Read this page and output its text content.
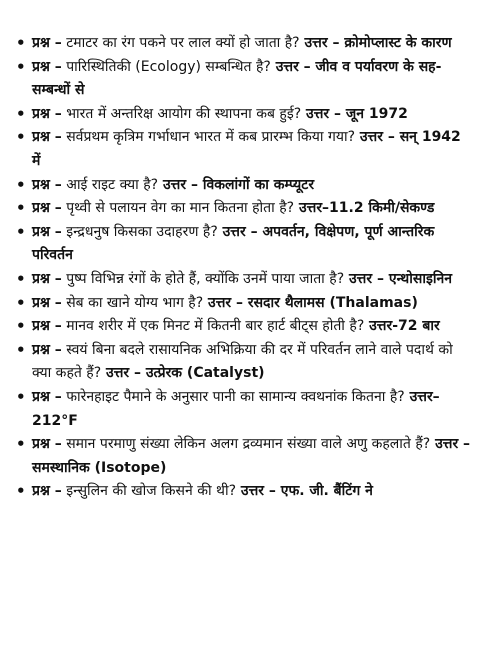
• प्रश्न – टमाटर का रंग पकने पर लाल क्यों हो जाता है? उत्तर – क्रोमोप्लास्ट के कारण
• प्रश्न – पारिस्थितिकी (Ecology) सम्बन्धित है? उत्तर – जीव व पर्यावरण के सह-सम्बन्धों से
• प्रश्न – भारत में अन्तरिक्ष आयोग की स्थापना कब हुई? उत्तर – जून 1972
• प्रश्न – सर्वप्रथम कृत्रिम गर्भाधान भारत में कब प्रारम्भ किया गया? उत्तर – सन् 1942 में
• प्रश्न – आई राइट क्या है? उत्तर – विकलांगों का कम्प्यूटर
• प्रश्न – पृथ्वी से पलायन वेग का मान कितना होता है? उत्तर–11.2 किमी/सेकण्ड
• प्रश्न – इन्द्रधनुष किसका उदाहरण है? उत्तर – अपवर्तन, विक्षेपण, पूर्ण आन्तरिक परिवर्तन
• प्रश्न – पुष्प विभिन्न रंगों के होते हैं, क्योंकि उनमें पाया जाता है? उत्तर – एन्थोसाइनिन
• प्रश्न – सेब का खाने योग्य भाग है? उत्तर – रसदार थैलामस (Thalamas)
• प्रश्न – मानव शरीर में एक मिनट में कितनी बार हार्ट बीट्स होती है? उत्तर-72 बार
• प्रश्न – स्वयं बिना बदले रासायनिक अभिक्रिया की दर में परिवर्तन लाने वाले पदार्थ को क्या कहते हैं? उत्तर – उत्प्रेरक (Catalyst)
• प्रश्न – फारेनहाइट पैमाने के अनुसार पानी का सामान्य क्वथनांक कितना है? उत्तर–212°F
• प्रश्न – समान परमाणु संख्या लेकिन अलग द्रव्यमान संख्या वाले अणु कहलाते हैं? उत्तर – समस्थानिक (Isotope)
• प्रश्न – इन्सुलिन की खोज किसने की थी? उत्तर – एफ. जी. बैंटिंग ने
